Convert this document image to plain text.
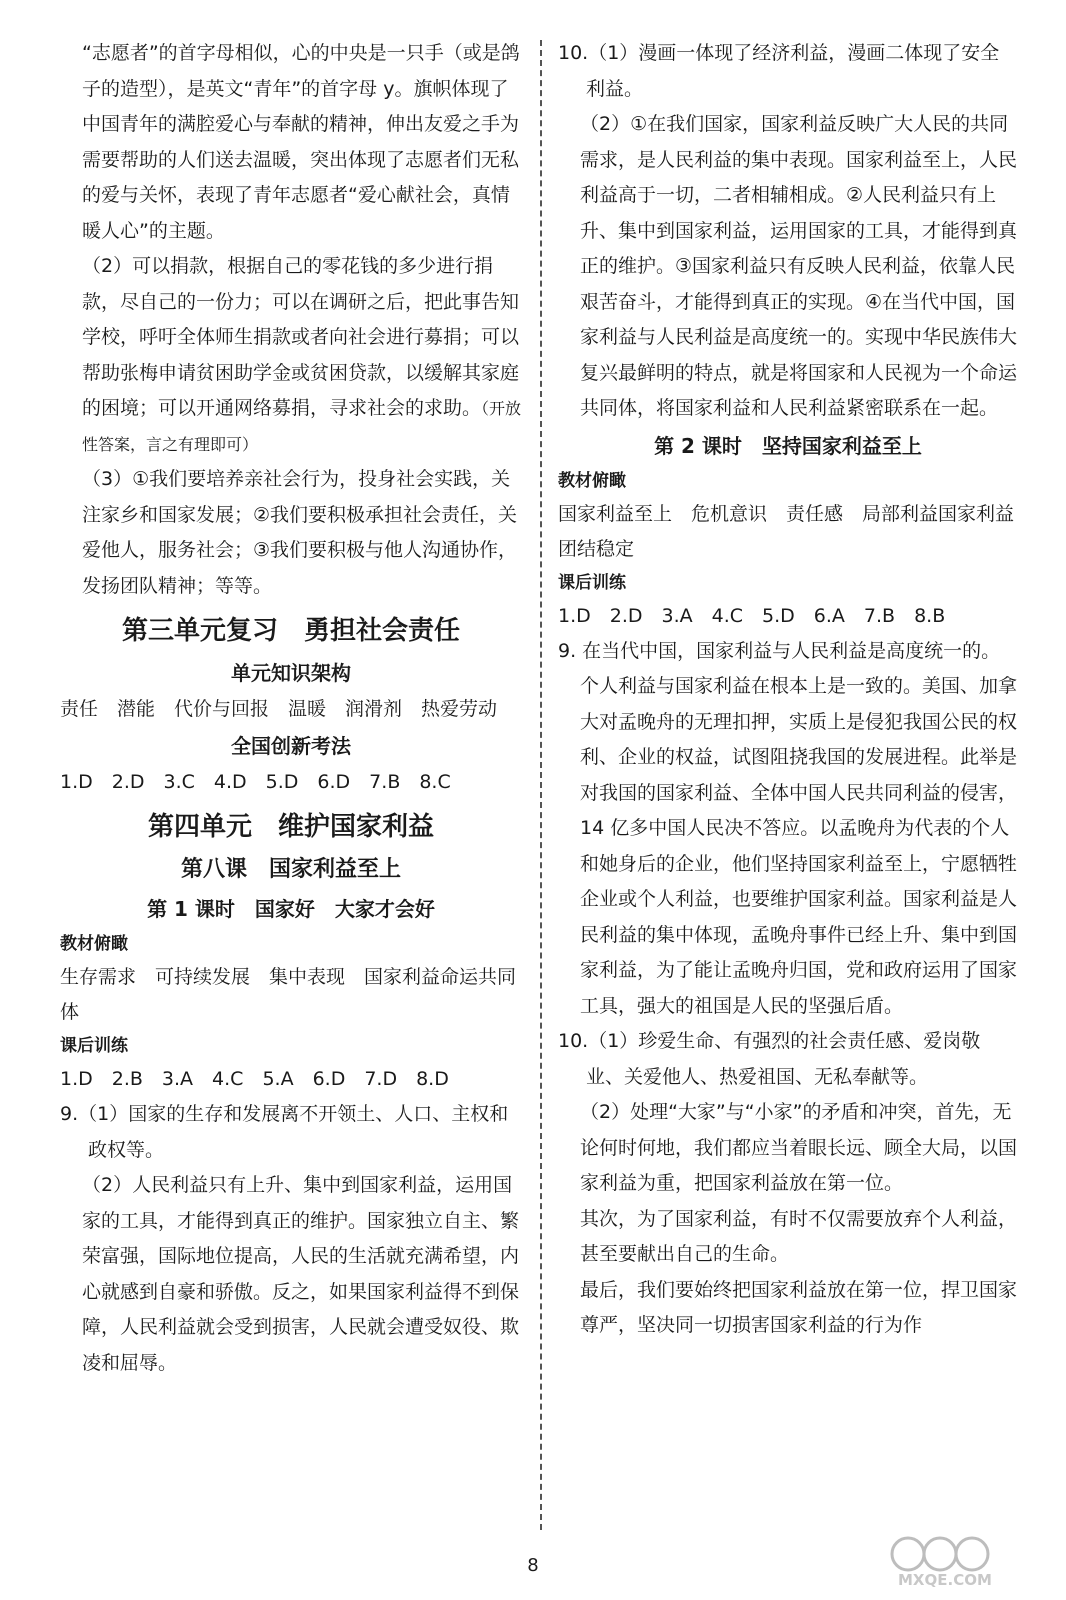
“志愿者”的首字母相似，心的中央是一只手（或是鸽子的造型），是英文“青年”的首字母 y。旗帜体现了中国青年的满腔爱心与奉献的精神，伸出友爱之手为需要帮助的人们送去温暖，突出体现了志愿者们无私的爱与关怀，表现了青年志愿者“爱心献社会，真情暖人心”的主题。

（2）可以捐款，根据自己的零花钱的多少进行捐款，尽自己的一份力；可以在调研之后，把此事告知学校，呼吁全体师生捐款或者向社会进行募捐；可以帮助张梅申请贫困助学金或贫困贷款，以缓解其家庭的困境；可以开通网络募捐，寻求社会的求助。（开放性答案，言之有理即可）

（3）①我们要培养亲社会行为，投身社会实践，关注家乡和国家发展；②我们要积极承担社会责任，关爱他人，服务社会；③我们要积极与他人沟通协作，发扬团队精神；等等。

第三单元复习　勇担社会责任

单元知识架构

责任　潜能　代价与回报　温暖　润滑剂　热爱劳动

全国创新考法

1.D　2.D　3.C　4.D　5.D　6.D　7.B　8.C

第四单元　维护国家利益

第八课　国家利益至上

第 1 课时　国家好　大家才会好

教材俯瞰

生存需求　可持续发展　集中表现　国家利益命运共同体

课后训练

1.D　2.B　3.A　4.C　5.A　6.D　7.D　8.D

9.（1）国家的生存和发展离不开领土、人口、主权和政权等。

（2）人民利益只有上升、集中到国家利益，运用国家的工具，才能得到真正的维护。国家独立自主、繁荣富强，国际地位提高，人民的生活就充满希望，内心就感到自豪和骄傲。反之，如果国家利益得不到保障，人民利益就会受到损害，人民就会遭受奴役、欺凌和屈辱。

10.（1）漫画一体现了经济利益，漫画二体现了安全利益。

（2）①在我们国家，国家利益反映广大人民的共同需求，是人民利益的集中表现。国家利益至上，人民利益高于一切，二者相辅相成。②人民利益只有上升、集中到国家利益，运用国家的工具，才能得到真正的维护。③国家利益只有反映人民利益，依靠人民艰苦奋斗，才能得到真正的实现。④在当代中国，国家利益与人民利益是高度统一的。实现中华民族伟大复兴最鲜明的特点，就是将国家和人民视为一个命运共同体，将国家利益和人民利益紧密联系在一起。

第 2 课时　坚持国家利益至上

教材俯瞰

国家利益至上　危机意识　责任感　局部利益国家利益　团结稳定

课后训练

1.D　2.D　3.A　4.C　5.D　6.A　7.B　8.B

9. 在当代中国，国家利益与人民利益是高度统一的。个人利益与国家利益在根本上是一致的。美国、加拿大对孟晚舟的无理扣押，实质上是侵犯我国公民的权利、企业的权益，试图阻挠我国的发展进程。此举是对我国的国家利益、全体中国人民共同利益的侵害，14 亿多中国人民决不答应。以孟晚舟为代表的个人和她身后的企业，他们坚持国家利益至上，宁愿牺牲企业或个人利益，也要维护国家利益。国家利益是人民利益的集中体现，孟晚舟事件已经上升、集中到国家利益，为了能让孟晚舟归国，党和政府运用了国家工具，强大的祖国是人民的坚强后盾。

10.（1）珍爱生命、有强烈的社会责任感、爱岗敬业、关爱他人、热爱祖国、无私奉献等。

（2）处理“大家”与“小家”的矛盾和冲突，首先，无论何时何地，我们都应当着眼长远、顾全大局，以国家利益为重，把国家利益放在第一位。

其次，为了国家利益，有时不仅需要放弃个人利益，甚至要献出自己的生命。

最后，我们要始终把国家利益放在第一位，捍卫国家尊严，坚决同一切损害国家利益的行为作

8
MXQE.COM
